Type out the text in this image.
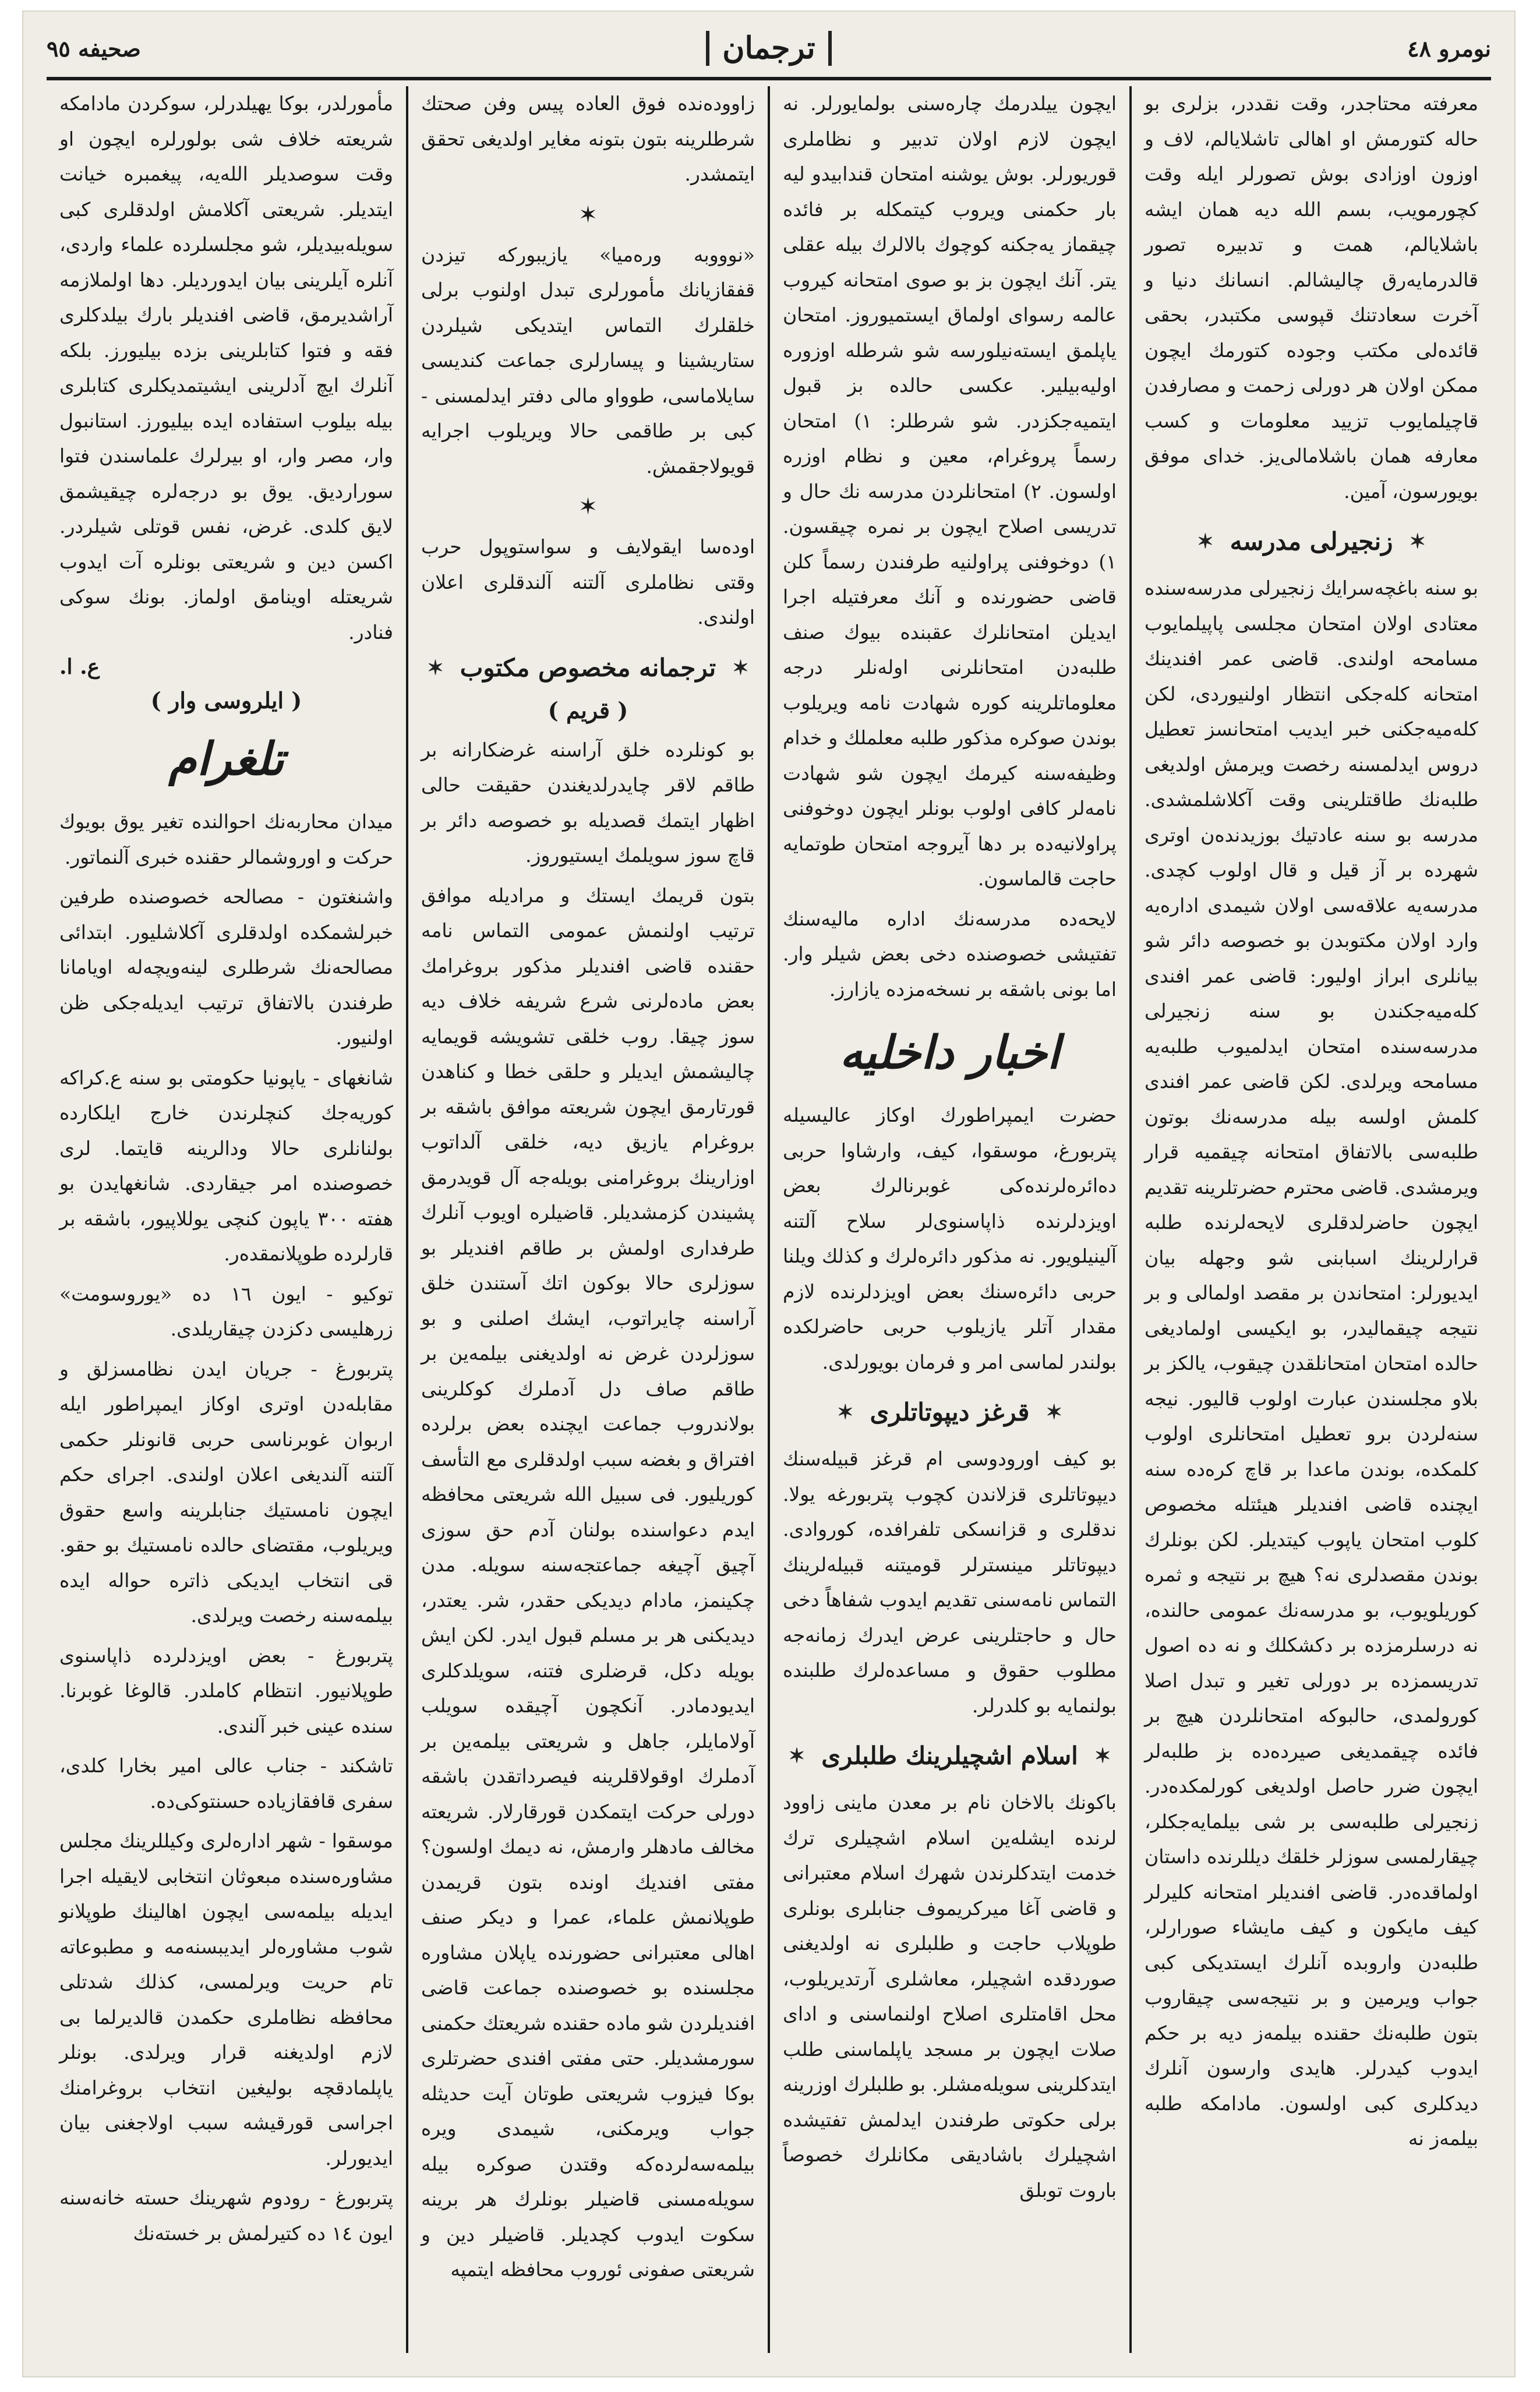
نومرو ٤٨
ترجمان
صحيفه ٩٥

معرفته محتاجدر، وقت نقددر، بزلری بو حاله كتورمش او اهالی تاشلايالم، لاف و اوزون اوزادی بوش تصورلر ايله وقت كچورمويب، بسم الله ديه همان ايشه باشلايالم، همت و تدبيره تصور قالدرمايه‌رق چاليشالم. انسانك دنيا و آخرت سعادتنك قپوسی مكتبدر، بحقی قائده‌لی مكتب وجوده كتورمك ايچون ممكن اولان هر دورلی زحمت و مصارفدن قاچيلمايوب تزييد معلومات و كسب معارفه همان باشلامالی‌يز. خدای موفق بويورسون، آمين.

✶
زنجيرلی مدرسه
✶

بو سنه باغچه‌سرايك زنجيرلی مدرسه‌سنده معتادی اولان امتحان مجلسی پاپيلمايوب مسامحه اولندی. قاضی عمر افندينك امتحانه كله‌جكی انتظار اولنيوردی، لكن كله‌ميه‌جكنی خبر ايديب امتحانسز تعطيل دروس ايدلمسنه رخصت ويرمش اولديغی طلبه‌نك طاقتلرينی وقت آكلاشلمشدی. مدرسه بو سنه عادتيك بوزيدنده‌ن اوتری شهرده بر آز قيل و قال اولوب كچدی. مدرسه‌يه علاقه‌سی اولان شيمدی اداره‌يه وارد اولان مكتوبدن بو خصوصه دائر شو بيانلری ابراز اوليور: قاضی عمر افندی كله‌ميه‌جكندن بو سنه زنجيرلی مدرسه‌سنده امتحان ايدلميوب طلبه‌يه مسامحه ويرلدی. لكن قاضی عمر افندی كلمش اولسه بيله مدرسه‌نك بوتون طلبه‌سی بالاتفاق امتحانه چيقميه قرار ويرمشدی. قاضی محترم حضرتلرينه تقديم ايچون حاضرلدقلری لايحه‌لرنده طلبه قرارلرينك اسبابنی شو وجهله بيان ايديورلر: امتحاندن بر مقصد اولمالی و بر نتيجه چيقماليدر، بو ايكيسی اولماديغی حالده امتحان امتحانلقدن چيقوب، يالكز بر بلاو مجلسندن عبارت اولوب قاليور. نيجه سنه‌لردن برو تعطيل امتحانلری اولوب كلمكده، بوندن ماعدا بر قاچ كره‌ده سنه ايچنده قاضی افنديلر هيئتله مخصوص كلوب امتحان ياپوب كيتديلر. لكن بونلرك بوندن مقصدلری نه؟ هيچ بر نتيجه و ثمره كوريلويوب، بو مدرسه‌نك عمومی حالنده، نه درسلرمزده بر دكشكلك و نه ده اصول تدريسمزده بر دورلی تغير و تبدل اصلا كورولمدی، حالبوكه امتحانلردن هيچ بر فائده چيقمديغی صيرده‌ده بز طلبه‌لر ايچون ضرر حاصل اولديغی كورلمكده‌در. زنجيرلی طلبه‌سی بر شی بيلمايه‌جكلر، چيقارلمسی سوزلر خلقك ديللرنده داستان اولماقده‌در. قاضی افنديلر امتحانه كليرلر كيف مايكون و كيف مايشاء صورارلر، طلبه‌دن واروبده آنلرك ايستديكی كبی جواب ويرمين و بر نتيجه‌سی چيقاروب بتون طلبه‌نك حقنده بيلمه‌ز ديه بر حكم ايدوب كيدرلر. هايدی وارسون آنلرك ديدكلری كبی اولسون. مادامكه طلبه بيلمه‌ز نه

ايچون ييلدرمك چاره‌سنی بولمايورلر. نه ايچون لازم اولان تدبير و نظاملری قوريورلر. بوش يوشنه امتحان قندابيدو ليه بار حكمنی ويروب كيتمكله بر فائده چيقماز يه‌جكنه كوچوك بالالرك بيله عقلی يتر. آنك ايچون بز بو صوی امتحانه كيروب عالمه رسوای اولماق ايستميوروز. امتحان ياپلمق ايسته‌نيلورسه شو شرطله اوزوره اوليه‌بيلير. عكسی حالده بز قبول ايتميه‌جكزدر. شو شرطلر: ١) امتحان رسماً پروغرام، معين و نظام اوزره اولسون. ٢) امتحانلردن مدرسه نك حال و تدريسی اصلاح ايچون بر نمره چيقسون. ١) دوخوفنی پراولنيه طرفندن رسماً كلن قاضی حضورنده و آنك معرفتيله اجرا ايديلن امتحانلرك عقبنده بيوك صنف طلبه‌دن امتحانلرنی اوله‌نلر درجه معلوماتلرينه كوره شهادت نامه ويريلوب بوندن صوكره مذكور طلبه معلملك و خدام وظيفه‌سنه كيرمك ايچون شو شهادت نامه‌لر كافی اولوب بونلر ايچون دوخوفنی پراولانيه‌ده بر دها آيروجه امتحان طوتمايه حاجت قالماسون.

لايحه‌ده مدرسه‌نك اداره ماليه‌سنك تفتيشی خصوصنده دخی بعض شيلر وار. اما بونی باشقه بر نسخه‌مزده يازارز.

اخبار داخليه

حضرت ايمپراطورك اوكاز عاليسيله پتربورغ، موسقوا، كيف، وارشاوا حربی ده‌ائره‌لرنده‌كی غوبرنالرك بعض اويزدلرنده ذاپاسنوی‌لر سلاح آلتنه آلينيلويور. نه مذكور دائره‌لرك و كذلك ويلنا حربی دائره‌سنك بعض اويزدلرنده لازم مقدار آتلر يازيلوب حربی حاضرلكده بولندر لماسی امر و فرمان بويورلدی.

✶
قرغز ديپوتاتلری
✶

بو كيف اورودوسی ام قرغز قبيله‌سنك ديپوتاتلری قزلاندن كچوب پتربورغه يولا. ندقلری و قزانسكی تلفرافده، كوروادی. ديپوتاتلر مينسترلر قومیتنه قبيله‌لرينك التماس نامه‌سنی تقديم ايدوب شفاهاً دخی حال و حاجتلرينی عرض ايدرك زمانه‌جه مطلوب حقوق و مساعده‌لرك طلبنده بولنمايه بو كلدرلر.

✶
اسلام اشچيلرينك طلبلری
✶

باكونك بالاخان نام بر معدن ماينی زاوود لرنده ايشله‌ين اسلام اشچيلری ترك خدمت ايتدكلرندن شهرك اسلام معتبرانی و قاضی آغا ميركريموف جنابلری بونلری طوپلاب حاجت و طلبلری نه اولديغنی صوردقده اشچيلر، معاشلری آرتديريلوب، محل اقامتلری اصلاح اولنماسنی و اداى صلات ايچون بر مسجد ياپلماسنی طلب ايتدكلرينی سويله‌مشلر. بو طلبلرك اوزرينه برلی حكوتی طرفندن ايدلمش تفتيشده اشچيلرك باشاديقی مكانلرك خصوصاً باروت توبلق

زاووده‌نده فوق العاده پيس وفن صحتك شرطلرينه بتون بتونه مغاير اولديغی تحقق ايتمشدر.

✶

«نوووبه وره‌ميا» يازيبورکه تيزدن قفقازيانك مأمورلری تبدل اولنوب برلی خلقلرك التماس ايتديكی شيلردن ستاريشينا و پيسارلری جماعت كنديسی سايلاماسی، طوواو مالی دفتر ايدلمسنی - كبی بر طاقمی حالا ويريلوب اجرايه قويولاجقمش.

✶

اوده‌سا ايقولايف و سواستوپول حرب وقتی نظاملری آلتنه آلندقلری اعلان اولندی.

✶
ترجمانه مخصوص مكتوب
✶
( قريم )

بو كونلرده خلق آراسنه غرضكارانه بر طاقم لاقر چايدرلديغندن حقيقت حالی اظهار ايتمك قصديله بو خصوصه دائر بر قاچ سوز سويلمك ايستيوروز.

بتون قريمك ايستك و مراديله موافق ترتيب اولنمش عمومی التماس نامه حقنده قاضی افنديلر مذكور بروغرامك بعض ماده‌لرنی شرع شريفه خلاف ديه سوز چيقا. روب خلقی تشويشه قويمايه چاليشمش ايديلر و حلقی خطا و كناهدن قورتارمق ايچون شريعته موافق باشقه بر بروغرام يازيق ديه، خلقی آلداتوب اوزارينك بروغرامنی بويله‌جه آل قويدرمق پشيندن كزمشديلر. قاضيلره اويوب آنلرك طرفداری اولمش بر طاقم افنديلر بو سوزلری حالا بوكون اتك آستندن خلق آراسنه چايراتوب، ايشك اصلنی و بو سوزلردن غرض نه اولديغنی بيلمه‌ين بر طاقم صاف دل آدملرك كوكلرينی بولاندروب جماعت ايچنده بعض برلرده افتراق و بغضه سبب اولدقلری مع التأسف كوريليور. فی سبيل الله شريعتی محافظه ايدم دعواسنده بولنان آدم حق سوزی آچيق آچيغه جماعتجه‌سنه سويله. مدن چكينمز، مادام ديديكی حقدر، شر. يعتدر، ديديكنی هر بر مسلم قبول ايدر. لكن ايش بويله دكل، قرضلری فتنه، سويلدكلری ايديودمادر. آنكچون آچيقده سويلب آولامايلر، جاهل و شريعتی بيلمه‌ين بر آدملرك اوقولاقلرينه فيصرداتقدن باشقه دورلی حركت ايتمكدن قورقارلار. شريعته مخالف مادهلر وارمش، نه ديمك اولسون؟ مفتی افنديك اونده بتون قريمدن طوپلانمش علماء، عمرا و ديكر صنف اهالی معتبرانی حضورنده ياپلان مشاوره مجلسنده بو خصوصنده جماعت قاضی افنديلردن شو ماده حقنده شريعتك حكمنی سورمشديلر. حتی مفتی افندی حضرتلری بوكا فيزوب شريعتی طوتان آيت حديثله جواب ويرمكنی، شيمدی ويره بيلمه‌سه‌لرده‌كه وقتدن صوكره بيله سويله‌مسنی قاضيلر بونلرك هر برينه سكوت ايدوب كچديلر. قاضيلر دين و شريعتی صفونی ئوروب محافظه ايتمپه

مأمورلدر، بوكا يهيلدرلر، سوكردن مادامكه شريعته خلاف شی بولورلره ايچون او وقت سوصديلر الله‌يه، پيغمبره خيانت ايتديلر. شريعتی آكلامش اولدقلری كبی سويله‌بيديلر، شو مجلسلرده علماء واردی، آنلره آيلرينی بيان ايدورديلر. دها اولملازمه آراشديرمق، قاضی افنديلر بارك بيلدكلری فقه و فتوا كتابلرينی بزده بيليورز. بلكه آنلرك ايچ آدلرينی ايشيتمديكلری كتابلری بيله بيلوب استفاده ايده بيليورز. استانبول وار، مصر وار، او بيرلرك علماسندن فتوا سورارديق. يوق بو درجه‌لره چيقيشمق لايق كلدی. غرض، نفس قوتلی شيلردر. اكسن دين و شريعتی بونلره آت ايدوب شريعتله اوينامق اولماز. بونك سوكی فنادر.

ع. ا.
( ايلروسی وار )
تلغرام

ميدان محاربه‌نك احوالنده تغير يوق بويوك حرکت و اوروشمالر حقنده خبری آلنماتور.

واشنغتون - مصالحه خصوصنده طرفين خبرلشمكده اولدقلری آكلاشليور. ابتدائی مصالحه‌نك شرطلری لينه‌ويچه‌له اويامانا طرفندن بالاتفاق ترتيب ايديله‌جكی ظن اولنيور.

شانغهای - ياپونيا حكومتی بو سنه ع.كراكه كوريه‌جك كنچلرندن خارج ايلكارده بولنانلری حالا ودالرينه قايتما. لری خصوصنده امر جيقاردی. شانغهايدن بو هفته ٣٠٠ ياپون كنچی يوللاپيور، باشقه بر قارلرده طوپلانمقده‌ر.

توکيو - ايون ١٦ ده «يوروسومت» زرهليسی دكزدن چيقاريلدی.

پتربورغ - جريان ايدن نظامسزلق و مقابله‌دن اوتری اوكاز ايمپراطور ايله اربوان غوبرناسی حربی قانونلر حكمی آلتنه آلنديغی اعلان اولندی. اجرای حكم ايچون نامستيك جنابلرينه واسع حقوق ويريلوب، مقتضای حالده نامستيك بو حقو. قی انتخاب ايديكی ذاتره حواله ايده بيلمه‌سنه رخصت ويرلدی.

پتربورغ - بعض اويزدلرده ذاپاسنوی طوپلانيور. انتظام كاملدر. قالوغا غوبرنا. سنده عينی خبر آلندی.

تاشكند - جناب عالی امير بخارا كلدی، سفری قافقازياده حسنتوكی‌ده.

موسقوا - شهر اداره‌لری وكيللرينك مجلس مشاوره‌سنده مبعوثان انتخابی لايقيله اجرا ايديله بيلمه‌سی ايچون اهالينك طوپلانو شوب مشاوره‌لر ايديبسنه‌مه و مطبوعاته تام حريت ويرلمسی، كذلك شدتلی محافظه نظاملری حكمدن قالديرلما بی لازم اولديغنه قرار ويرلدی. بونلر ياپلمادقچه بوليغين انتخاب بروغرامنك اجراسی قورقيشه سبب اولاجغنی بيان ايديورلر.

پتربورغ - رودوم شهرينك حسته خانه‌سنه ايون ١٤ ده كتيرلمش بر خسته‌نك
